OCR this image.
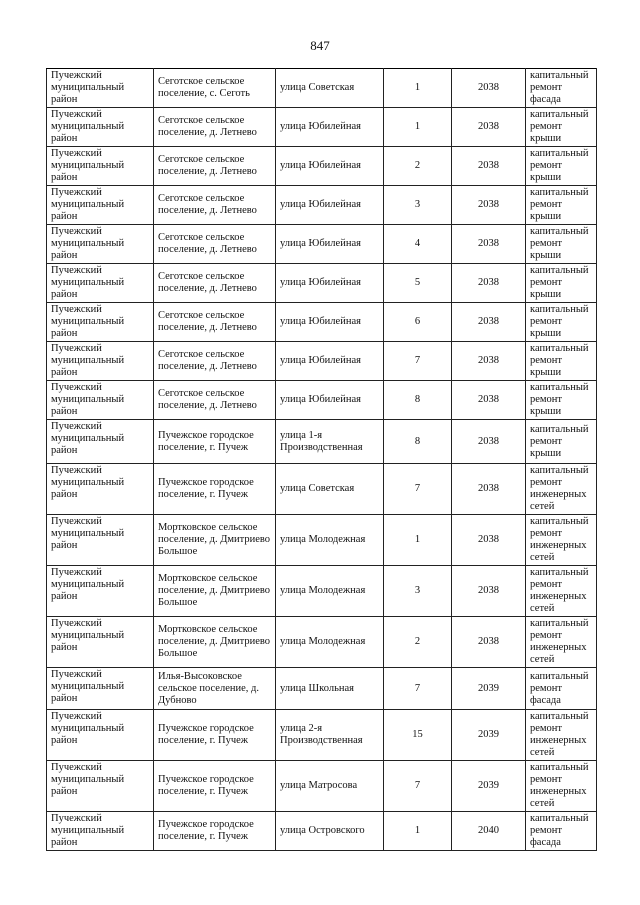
847
Пучежский муниципальный район	Сеготское сельское поселение, с. Сеготь	улица Советская	1	2038	капитальный ремонт фасада
Пучежский муниципальный район	Сеготское сельское поселение, д. Летнево	улица Юбилейная	1	2038	капитальный ремонт крыши
Пучежский муниципальный район	Сеготское сельское поселение, д. Летнево	улица Юбилейная	2	2038	капитальный ремонт крыши
Пучежский муниципальный район	Сеготское сельское поселение, д. Летнево	улица Юбилейная	3	2038	капитальный ремонт крыши
Пучежский муниципальный район	Сеготское сельское поселение, д. Летнево	улица Юбилейная	4	2038	капитальный ремонт крыши
Пучежский муниципальный район	Сеготское сельское поселение, д. Летнево	улица Юбилейная	5	2038	капитальный ремонт крыши
Пучежский муниципальный район	Сеготское сельское поселение, д. Летнево	улица Юбилейная	6	2038	капитальный ремонт крыши
Пучежский муниципальный район	Сеготское сельское поселение, д. Летнево	улица Юбилейная	7	2038	капитальный ремонт крыши
Пучежский муниципальный район	Сеготское сельское поселение, д. Летнево	улица Юбилейная	8	2038	капитальный ремонт крыши
Пучежский муниципальный район	Пучежское городское поселение, г. Пучеж	улица 1-я Производственная	8	2038	капитальный ремонт крыши
Пучежский муниципальный район	Пучежское городское поселение, г. Пучеж	улица Советская	7	2038	капитальный ремонт инженерных сетей
Пучежский муниципальный район	Мортковское сельское поселение, д. Дмитриево Большое	улица Молодежная	1	2038	капитальный ремонт инженерных сетей
Пучежский муниципальный район	Мортковское сельское поселение, д. Дмитриево Большое	улица Молодежная	3	2038	капитальный ремонт инженерных сетей
Пучежский муниципальный район	Мортковское сельское поселение, д. Дмитриево Большое	улица Молодежная	2	2038	капитальный ремонт инженерных сетей
Пучежский муниципальный район	Илья-Высоковское сельское поселение, д. Дубново	улица Школьная	7	2039	капитальный ремонт фасада
Пучежский муниципальный район	Пучежское городское поселение, г. Пучеж	улица 2-я Производственная	15	2039	капитальный ремонт инженерных сетей
Пучежский муниципальный район	Пучежское городское поселение, г. Пучеж	улица Матросова	7	2039	капитальный ремонт инженерных сетей
Пучежский муниципальный район	Пучежское городское поселение, г. Пучеж	улица Островского	1	2040	капитальный ремонт фасада
